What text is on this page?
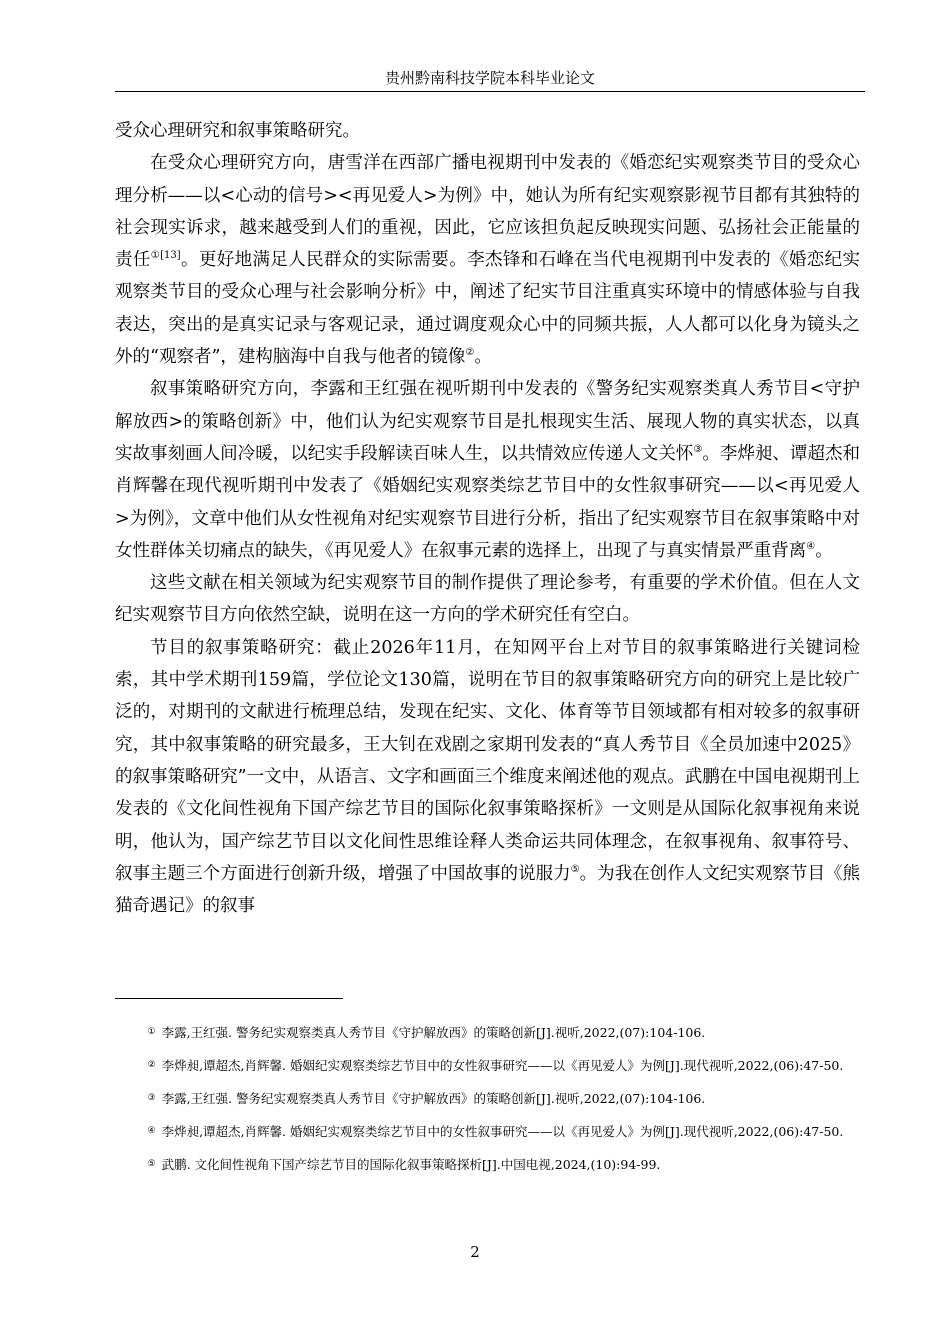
贵州黔南科技学院本科毕业论文

受众心理研究和叙事策略研究。

在受众心理研究方向，唐雪洋在西部广播电视期刊中发表的《婚恋纪实观察类节目的受众心理分析——以<心动的信号><再见爱人>为例》中，她认为所有纪实观察影视节目都有其独特的社会现实诉求，越来越受到人们的重视，因此，它应该担负起反映现实问题、弘扬社会正能量的责任$^{①[13]}$。更好地满足人民群众的实际需要。李杰锋和石峰在当代电视期刊中发表的《婚恋纪实观察类节目的受众心理与社会影响分析》中，阐述了纪实节目注重真实环境中的情感体验与自我表达，突出的是真实记录与客观记录，通过调度观众心中的同频共振，人人都可以化身为镜头之外的“观察者”，建构脑海中自我与他者的镜像②。

叙事策略研究方向，李露和王红强在视听期刊中发表的《警务纪实观察类真人秀节目<守护解放西>的策略创新》中，他们认为纪实观察节目是扎根现实生活、展现人物的真实状态，以真实故事刻画人间冷暖，以纪实手段解读百味人生，以共情效应传递人文关怀③。李烨昶、谭超杰和肖辉馨在现代视听期刊中发表了《婚姻纪实观察类综艺节目中的女性叙事研究——以<再见爱人>为例》，文章中他们从女性视角对纪实观察节目进行分析，指出了纪实观察节目在叙事策略中对女性群体关切痛点的缺失，《再见爱人》在叙事元素的选择上，出现了与真实情景严重背离④。

这些文献在相关领域为纪实观察节目的制作提供了理论参考，有重要的学术价值。但在人文纪实观察节目方向依然空缺，说明在这一方向的学术研究任有空白。

节目的叙事策略研究：截止2026年11月，在知网平台上对节目的叙事策略进行关键词检索，其中学术期刊159篇，学位论文130篇，说明在节目的叙事策略研究方向的研究上是比较广泛的，对期刊的文献进行梳理总结，发现在纪实、文化、体育等节目领域都有相对较多的叙事研究，其中叙事策略的研究最多，王大钊在戏剧之家期刊发表的“真人秀节目《全员加速中2025》的叙事策略研究”一文中，从语言、文字和画面三个维度来阐述他的观点。武鹏在中国电视期刊上发表的《文化间性视角下国产综艺节目的国际化叙事策略探析》一文则是从国际化叙事视角来说明，他认为，国产综艺节目以文化间性思维诠释人类命运共同体理念，在叙事视角、叙事符号、叙事主题三个方面进行创新升级，增强了中国故事的说服力⑤。为我在创作人文纪实观察节目《熊猫奇遇记》的叙事

① 李露,王红强. 警务纪实观察类真人秀节目《守护解放西》的策略创新[J].视听,2022,(07):104-106.

② 李烨昶,谭超杰,肖辉馨. 婚姻纪实观察类综艺节目中的女性叙事研究——以《再见爱人》为例[J].现代视听,2022,(06):47-50.

③ 李露,王红强. 警务纪实观察类真人秀节目《守护解放西》的策略创新[J].视听,2022,(07):104-106.

④ 李烨昶,谭超杰,肖辉馨. 婚姻纪实观察类综艺节目中的女性叙事研究——以《再见爱人》为例[J].现代视听,2022,(06):47-50.

⑤ 武鹏. 文化间性视角下国产综艺节目的国际化叙事策略探析[J].中国电视,2024,(10):94-99.

2
